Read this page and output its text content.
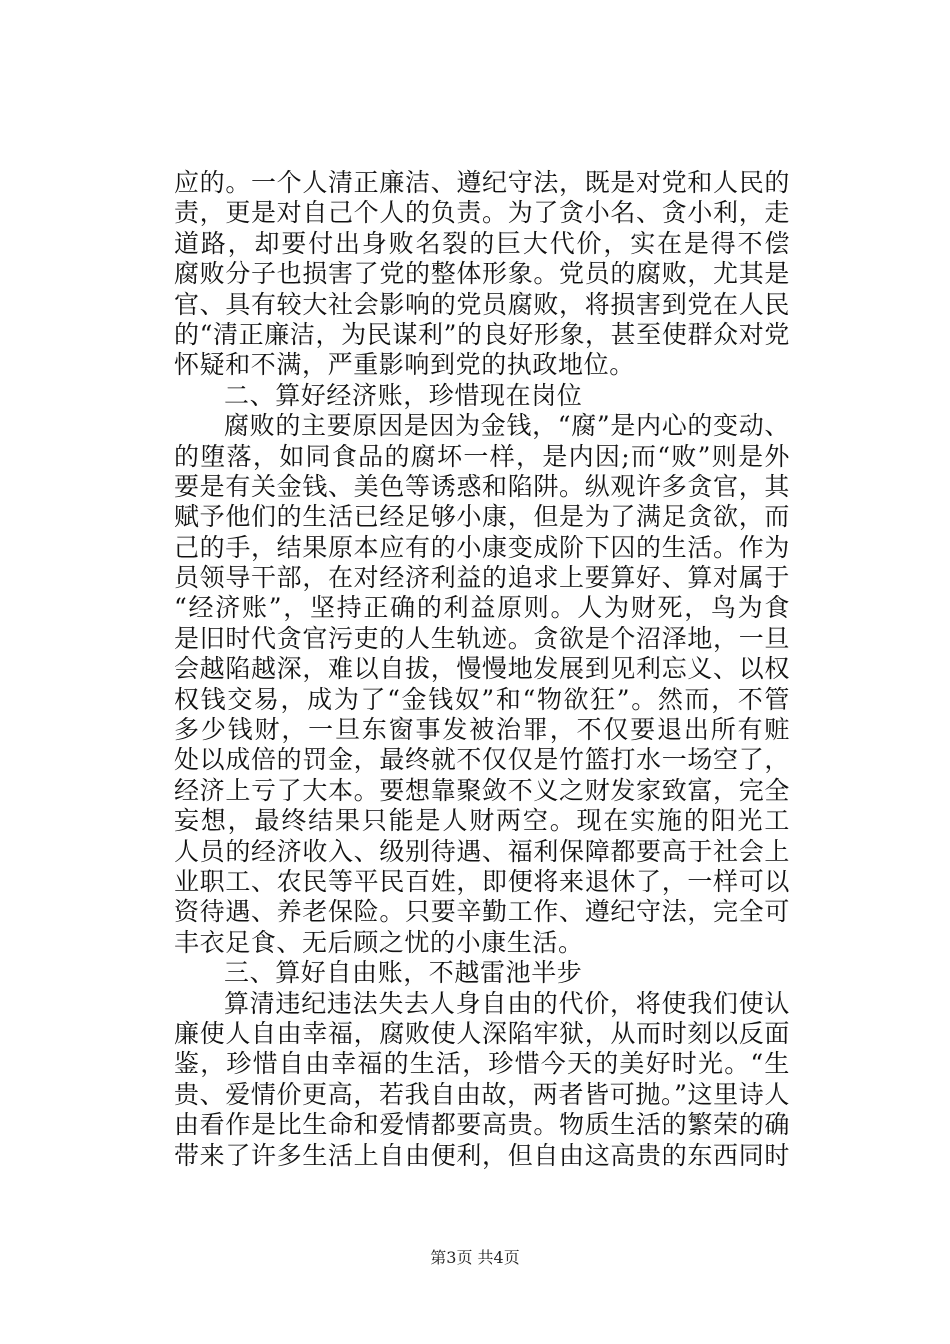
应的。一个人清正廉洁、遵纪守法，既是对党和人民的
责，更是对自己个人的负责。为了贪小名、贪小利，走
道路，却要付出身败名裂的巨大代价，实在是得不偿
腐败分子也损害了党的整体形象。党员的腐败，尤其是
官、具有较大社会影响的党员腐败，将损害到党在人民
的“清正廉洁，为民谋利”的良好形象，甚至使群众对党
怀疑和不满，严重影响到党的执政地位。
二、算好经济账，珍惜现在岗位
腐败的主要原因是因为金钱，“腐”是内心的变动、
的堕落，如同食品的腐坏一样，是内因;而“败”则是外
要是有关金钱、美色等诱惑和陷阱。纵观许多贪官，其
赋予他们的生活已经足够小康，但是为了满足贪欲，而
己的手，结果原本应有的小康变成阶下囚的生活。作为
员领导干部，在对经济利益的追求上要算好、算对属于
“经济账”，坚持正确的利益原则。人为财死，鸟为食
是旧时代贪官污吏的人生轨迹。贪欲是个沼泽地，一旦
会越陷越深，难以自拔，慢慢地发展到见利忘义、以权
权钱交易，成为了“金钱奴”和“物欲狂”。然而，不管
多少钱财，一旦东窗事发被治罪，不仅要退出所有赃
处以成倍的罚金，最终就不仅仅是竹篮打水一场空了，
经济上亏了大本。要想靠聚敛不义之财发家致富，完全
妄想，最终结果只能是人财两空。现在实施的阳光工
人员的经济收入、级别待遇、福利保障都要高于社会上
业职工、农民等平民百姓，即便将来退休了，一样可以
资待遇、养老保险。只要辛勤工作、遵纪守法，完全可
丰衣足食、无后顾之忧的小康生活。
三、算好自由账，不越雷池半步
算清违纪违法失去人身自由的代价，将使我们使认
廉使人自由幸福，腐败使人深陷牢狱，从而时刻以反面
鉴，珍惜自由幸福的生活，珍惜今天的美好时光。“生
贵、爱情价更高，若我自由故，两者皆可抛。”这里诗人
由看作是比生命和爱情都要高贵。物质生活的繁荣的确
带来了许多生活上自由便利，但自由这高贵的东西同时
第3页 共4页
